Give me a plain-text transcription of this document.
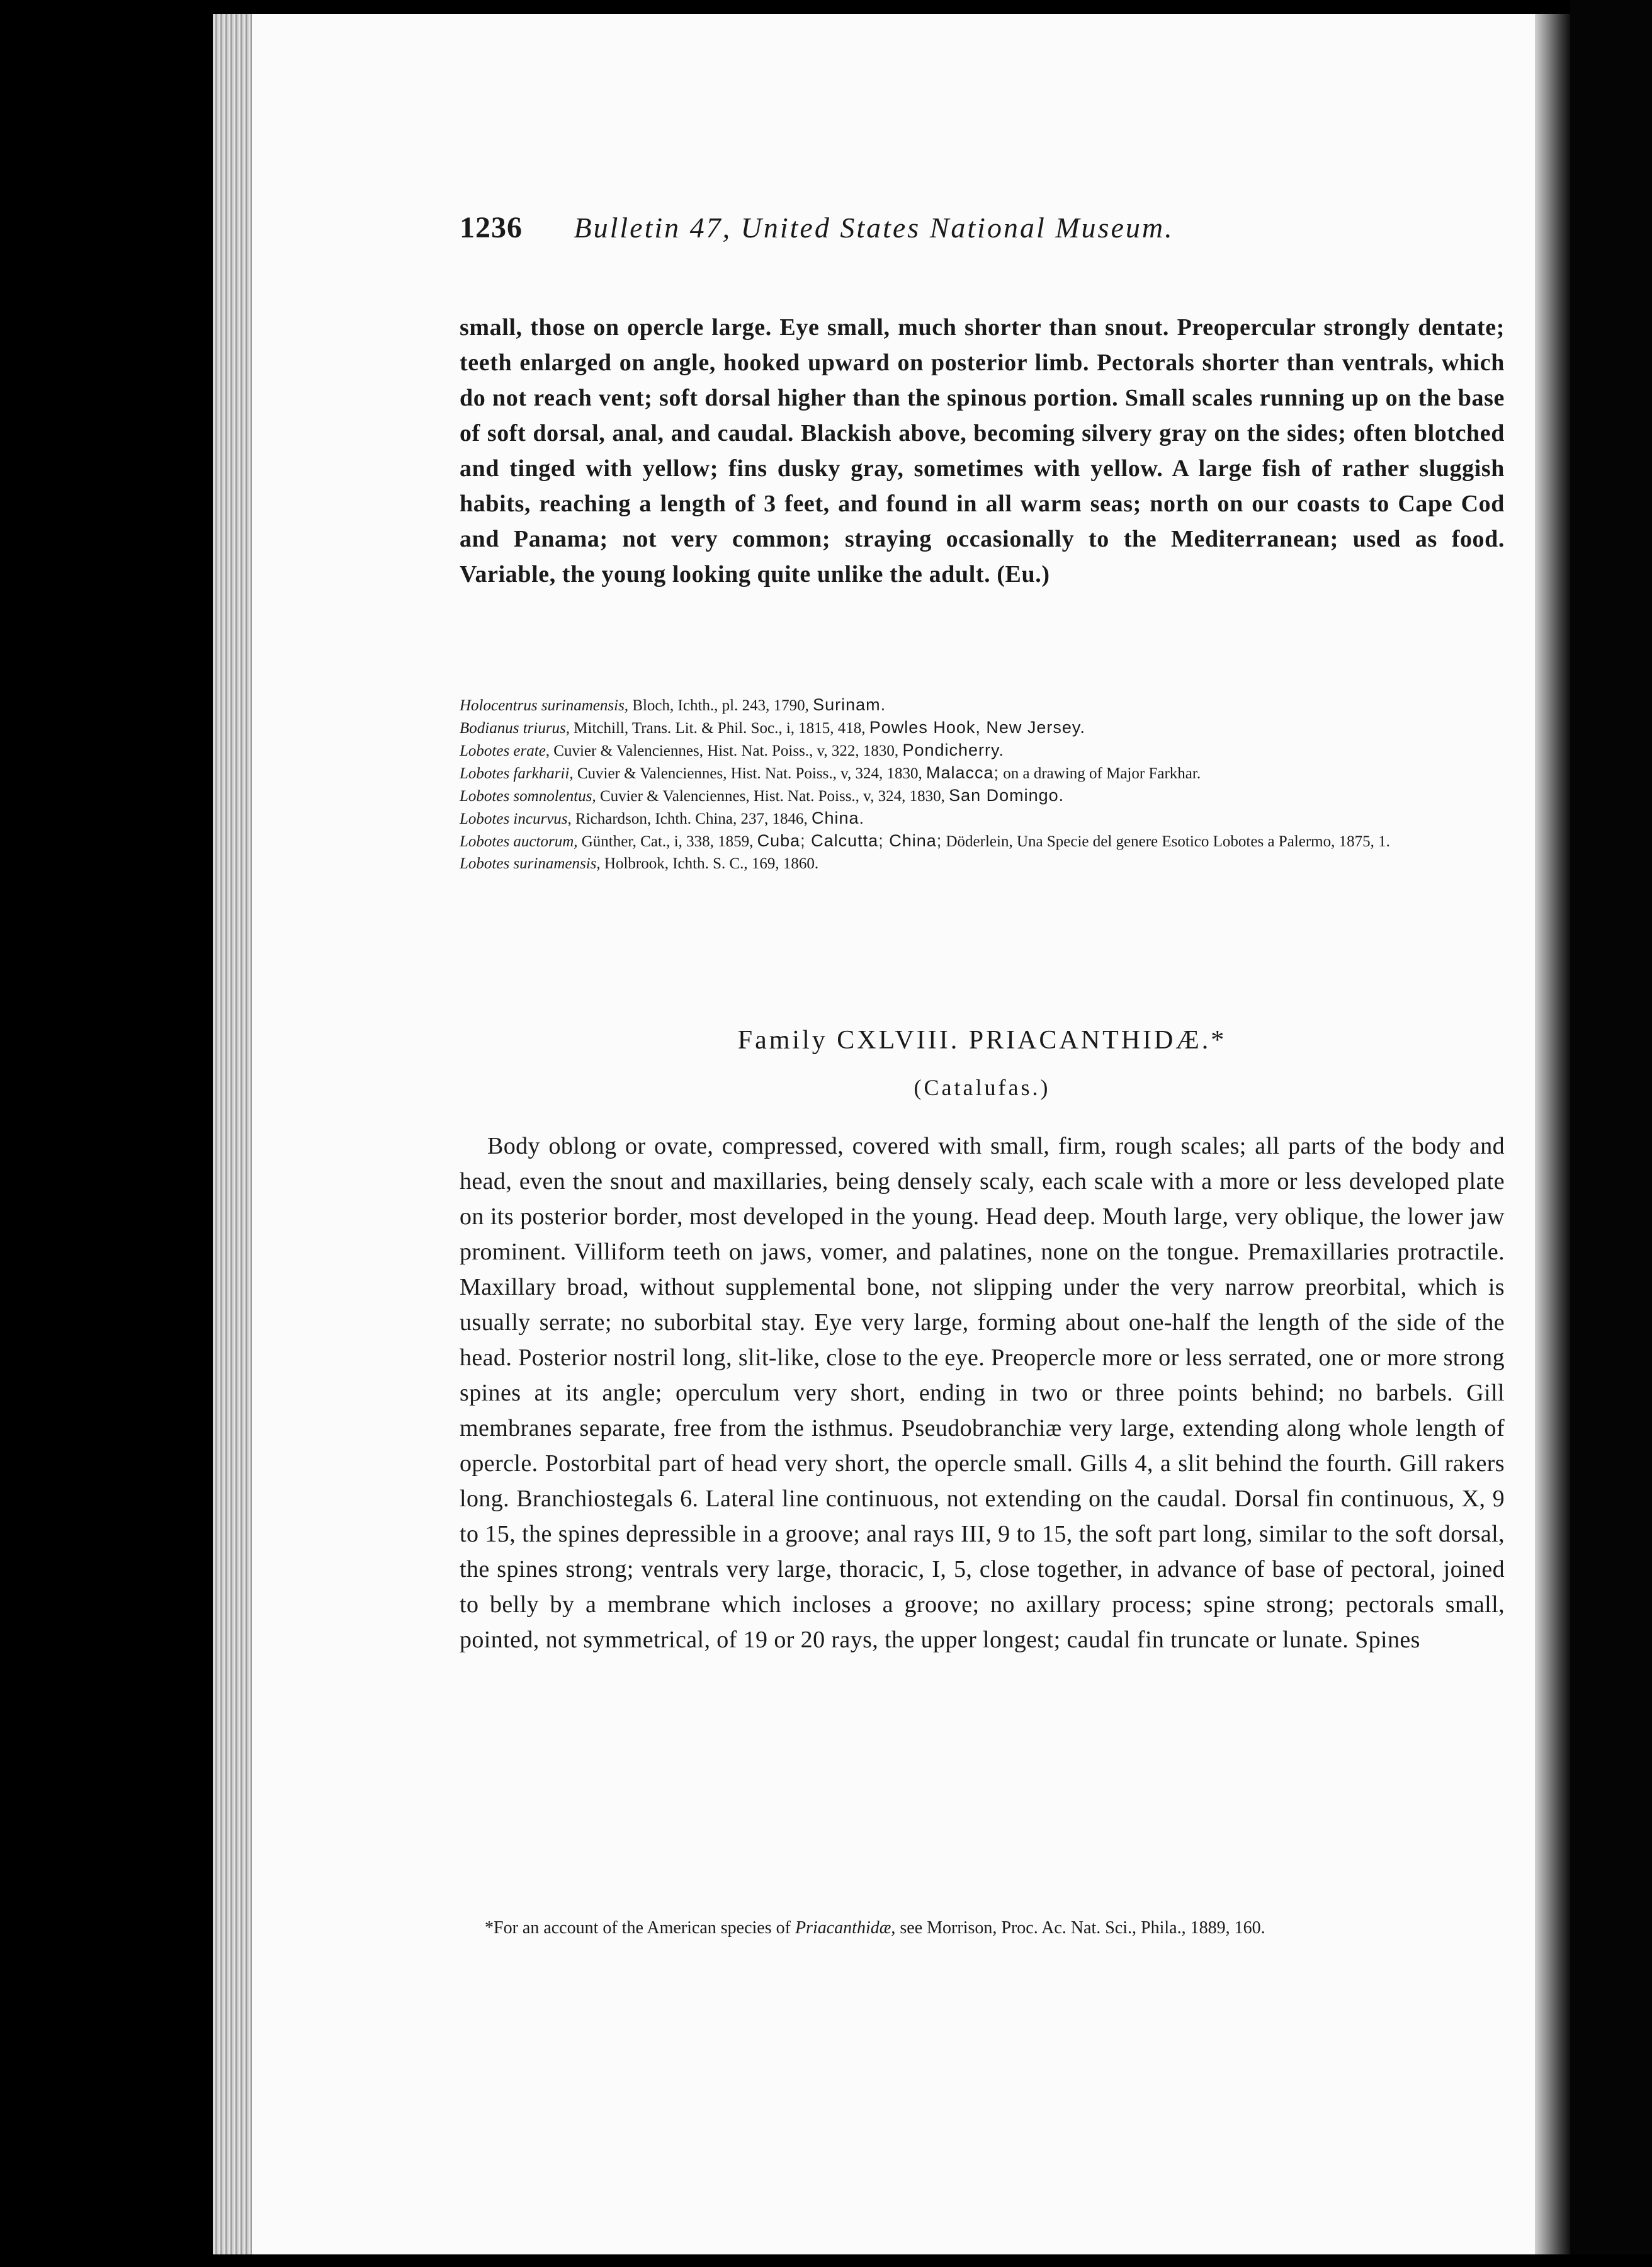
1236 Bulletin 47, United States National Museum.

small, those on opercle large. Eye small, much shorter than snout. Preopercular strongly dentate; teeth enlarged on angle, hooked upward on posterior limb. Pectorals shorter than ventrals, which do not reach vent; soft dorsal higher than the spinous portion. Small scales running up on the base of soft dorsal, anal, and caudal. Blackish above, becoming silvery gray on the sides; often blotched and tinged with yellow; fins dusky gray, sometimes with yellow. A large fish of rather sluggish habits, reaching a length of 3 feet, and found in all warm seas; north on our coasts to Cape Cod and Panama; not very common; straying occasionally to the Mediterranean; used as food. Variable, the young looking quite unlike the adult. (Eu.)

Holocentrus surinamensis, Bloch, Ichth., pl. 243, 1790, Surinam.
Bodianus triurus, Mitchill, Trans. Lit. & Phil. Soc., i, 1815, 418, Powles Hook, New Jersey.
Lobotes erate, Cuvier & Valenciennes, Hist. Nat. Poiss., v, 322, 1830, Pondicherry.
Lobotes farkharii, Cuvier & Valenciennes, Hist. Nat. Poiss., v, 324, 1830, Malacca; on a drawing of Major Farkhar.
Lobotes somnolentus, Cuvier & Valenciennes, Hist. Nat. Poiss., v, 324, 1830, San Domingo.
Lobotes incurvus, Richardson, Ichth. China, 237, 1846, China.
Lobotes auctorum, Günther, Cat., i, 338, 1859, Cuba; Calcutta; China; Döderlein, Una Specie del genere Esotico Lobotes a Palermo, 1875, 1.
Lobotes surinamensis, Holbrook, Ichth. S. C., 169, 1860.
Family CXLVIII. PRIACANTHIDÆ.*
(Catalufas.)

Body oblong or ovate, compressed, covered with small, firm, rough scales; all parts of the body and head, even the snout and maxillaries, being densely scaly, each scale with a more or less developed plate on its posterior border, most developed in the young. Head deep. Mouth large, very oblique, the lower jaw prominent. Villiform teeth on jaws, vomer, and palatines, none on the tongue. Premaxillaries protractile. Maxillary broad, without supplemental bone, not slipping under the very narrow preorbital, which is usually serrate; no suborbital stay. Eye very large, forming about one-half the length of the side of the head. Posterior nostril long, slit-like, close to the eye. Preopercle more or less serrated, one or more strong spines at its angle; operculum very short, ending in two or three points behind; no barbels. Gill membranes separate, free from the isthmus. Pseudobranchiæ very large, extending along whole length of opercle. Postorbital part of head very short, the opercle small. Gills 4, a slit behind the fourth. Gill rakers long. Branchiostegals 6. Lateral line continuous, not extending on the caudal. Dorsal fin continuous, X, 9 to 15, the spines depressible in a groove; anal rays III, 9 to 15, the soft part long, similar to the soft dorsal, the spines strong; ventrals very large, thoracic, I, 5, close together, in advance of base of pectoral, joined to belly by a membrane which incloses a groove; no axillary process; spine strong; pectorals small, pointed, not symmetrical, of 19 or 20 rays, the upper longest; caudal fin truncate or lunate. Spines

*For an account of the American species of Priacanthidæ, see Morrison, Proc. Ac. Nat. Sci., Phila., 1889, 160.
